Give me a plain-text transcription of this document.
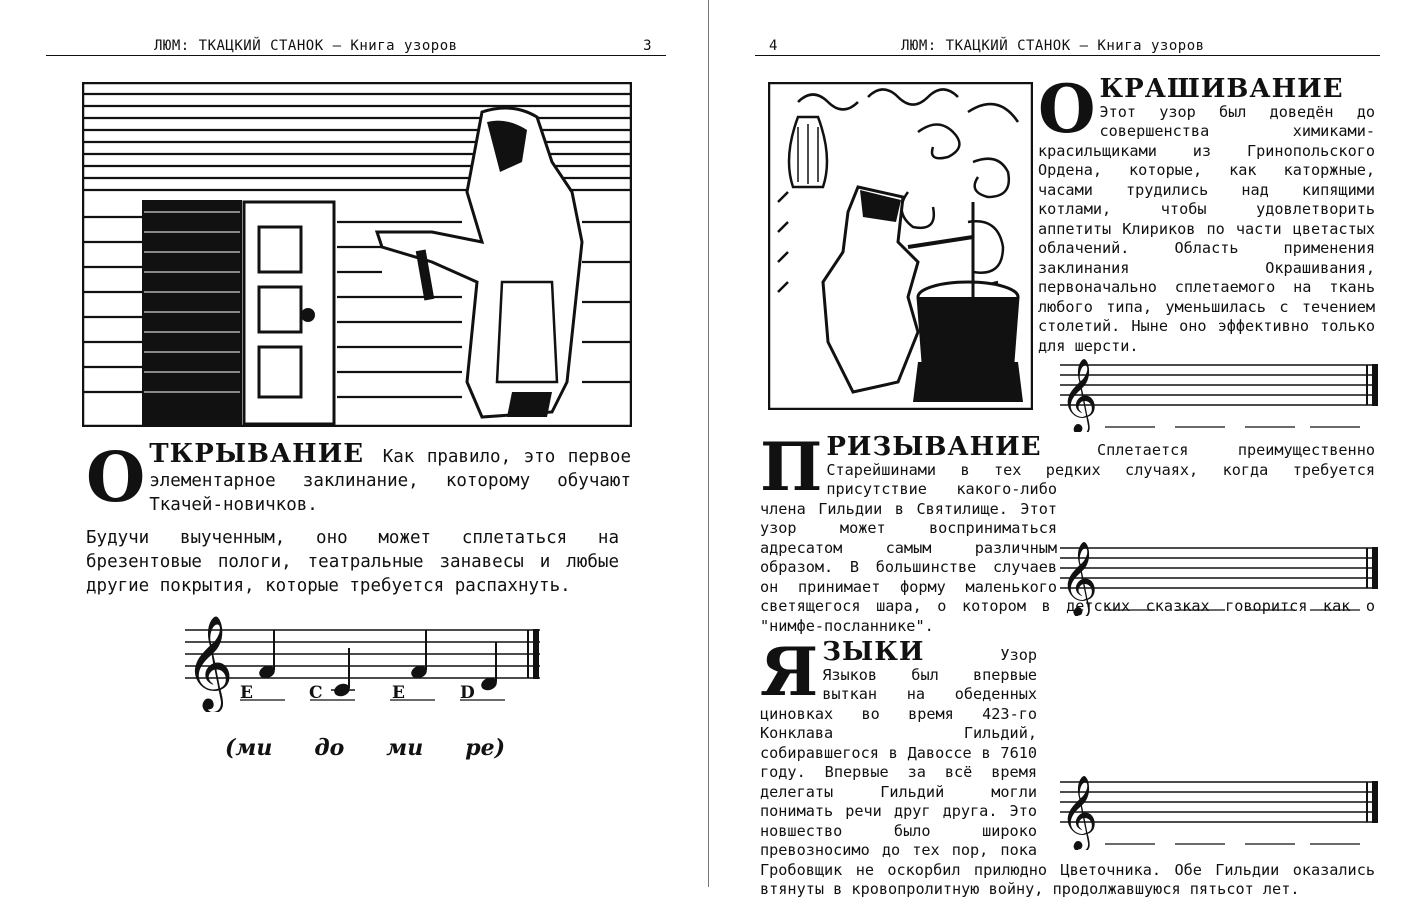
ЛЮМ: ТКАЦКИЙ СТАНОК – Книга узоров	3
О ТКРЫВАНИЕ Как правило, это первое элементарное заклинание, которому обучают Ткачей-новичков.
Будучи выученным, оно может сплетаться на брезентовые пологи, театральные занавесы и любые другие покрытия, которые требуется распахнуть.
𝄞 E	C	E	D
(ми до ми ре)
4	ЛЮМ: ТКАЦКИЙ СТАНОК – Книга узоров
О КРАШИВАНИЕ Этот узор был доведён до совершенства химиками-красильщиками из Гринопольского Ордена, которые, как каторжные, часами трудились над кипящими котлами, чтобы удовлетворить аппетиты Клириков по части цветастых облачений. Область применения заклинания Окрашивания, первоначально сплетаемого на ткань любого типа, уменьшилась с течением столетий. Ныне оно эффективно только для шерсти.
𝄞
П РИЗЫВАНИЕ	Сплетается преимущественно Старейшинами в тех редких случаях, когда требуется присутствие какого-либо члена Гильдии в Святилище. Этот узор может восприниматься адресатом самым различным образом. В большинстве случаев он принимает форму маленького светящегося шара, о котором в детских сказках говорится как о "нимфе-посланнике".
𝄞
Я ЗЫКИ	Узор Языков был впервые выткан на обеденных циновках во время 423-го Конклава Гильдий, собиравшегося в Давоссе в 7610 году. Впервые за всё время делегаты Гильдий могли понимать речи друг друга. Это новшество было широко превозносимо до тех пор, пока Гробовщик не оскорбил прилюдно Цветочника. Обе Гильдии оказались втянуты в кровопролитную войну, продолжавшуюся пятьсот лет.
𝄞
